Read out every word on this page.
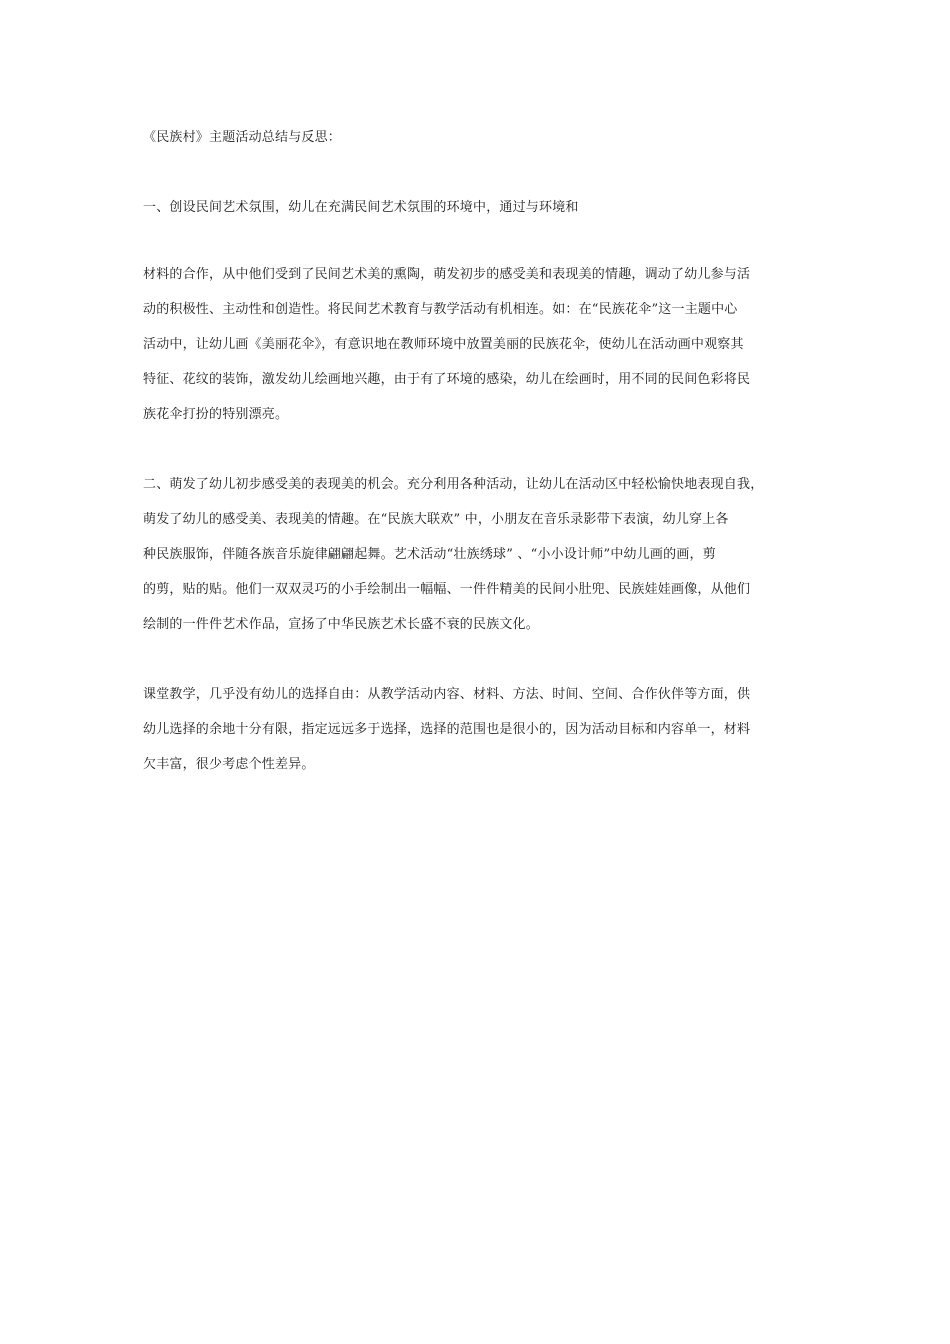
《民族村》主题活动总结与反思：
一、创设民间艺术氛围，幼儿在充满民间艺术氛围的环境中，通过与环境和
材料的合作，从中他们受到了民间艺术美的熏陶，萌发初步的感受美和表现美的情趣，调动了幼儿参与活
动的积极性、主动性和创造性。将民间艺术教育与教学活动有机相连。如：在“民族花伞”这一主题中心
活动中，让幼儿画《美丽花伞》，有意识地在教师环境中放置美丽的民族花伞，使幼儿在活动画中观察其
特征、花纹的装饰，激发幼儿绘画地兴趣，由于有了环境的感染，幼儿在绘画时，用不同的民间色彩将民
族花伞打扮的特别漂亮。
二、萌发了幼儿初步感受美的表现美的机会。充分利用各种活动，让幼儿在活动区中轻松愉快地表现自我，
萌发了幼儿的感受美、表现美的情趣。在“民族大联欢” 中，小朋友在音乐录影带下表演，幼儿穿上各
种民族服饰，伴随各族音乐旋律翩翩起舞。艺术活动“壮族绣球” 、“小小设计师”中幼儿画的画，剪
的剪，贴的贴。他们一双双灵巧的小手绘制出一幅幅、一件件精美的民间小肚兜、民族娃娃画像，从他们
绘制的一件件艺术作品，宣扬了中华民族艺术长盛不衰的民族文化。
课堂教学，几乎没有幼儿的选择自由：从教学活动内容、材料、方法、时间、空间、合作伙伴等方面，供
幼儿选择的余地十分有限，指定远远多于选择，选择的范围也是很小的，因为活动目标和内容单一，材料
欠丰富，很少考虑个性差异。
